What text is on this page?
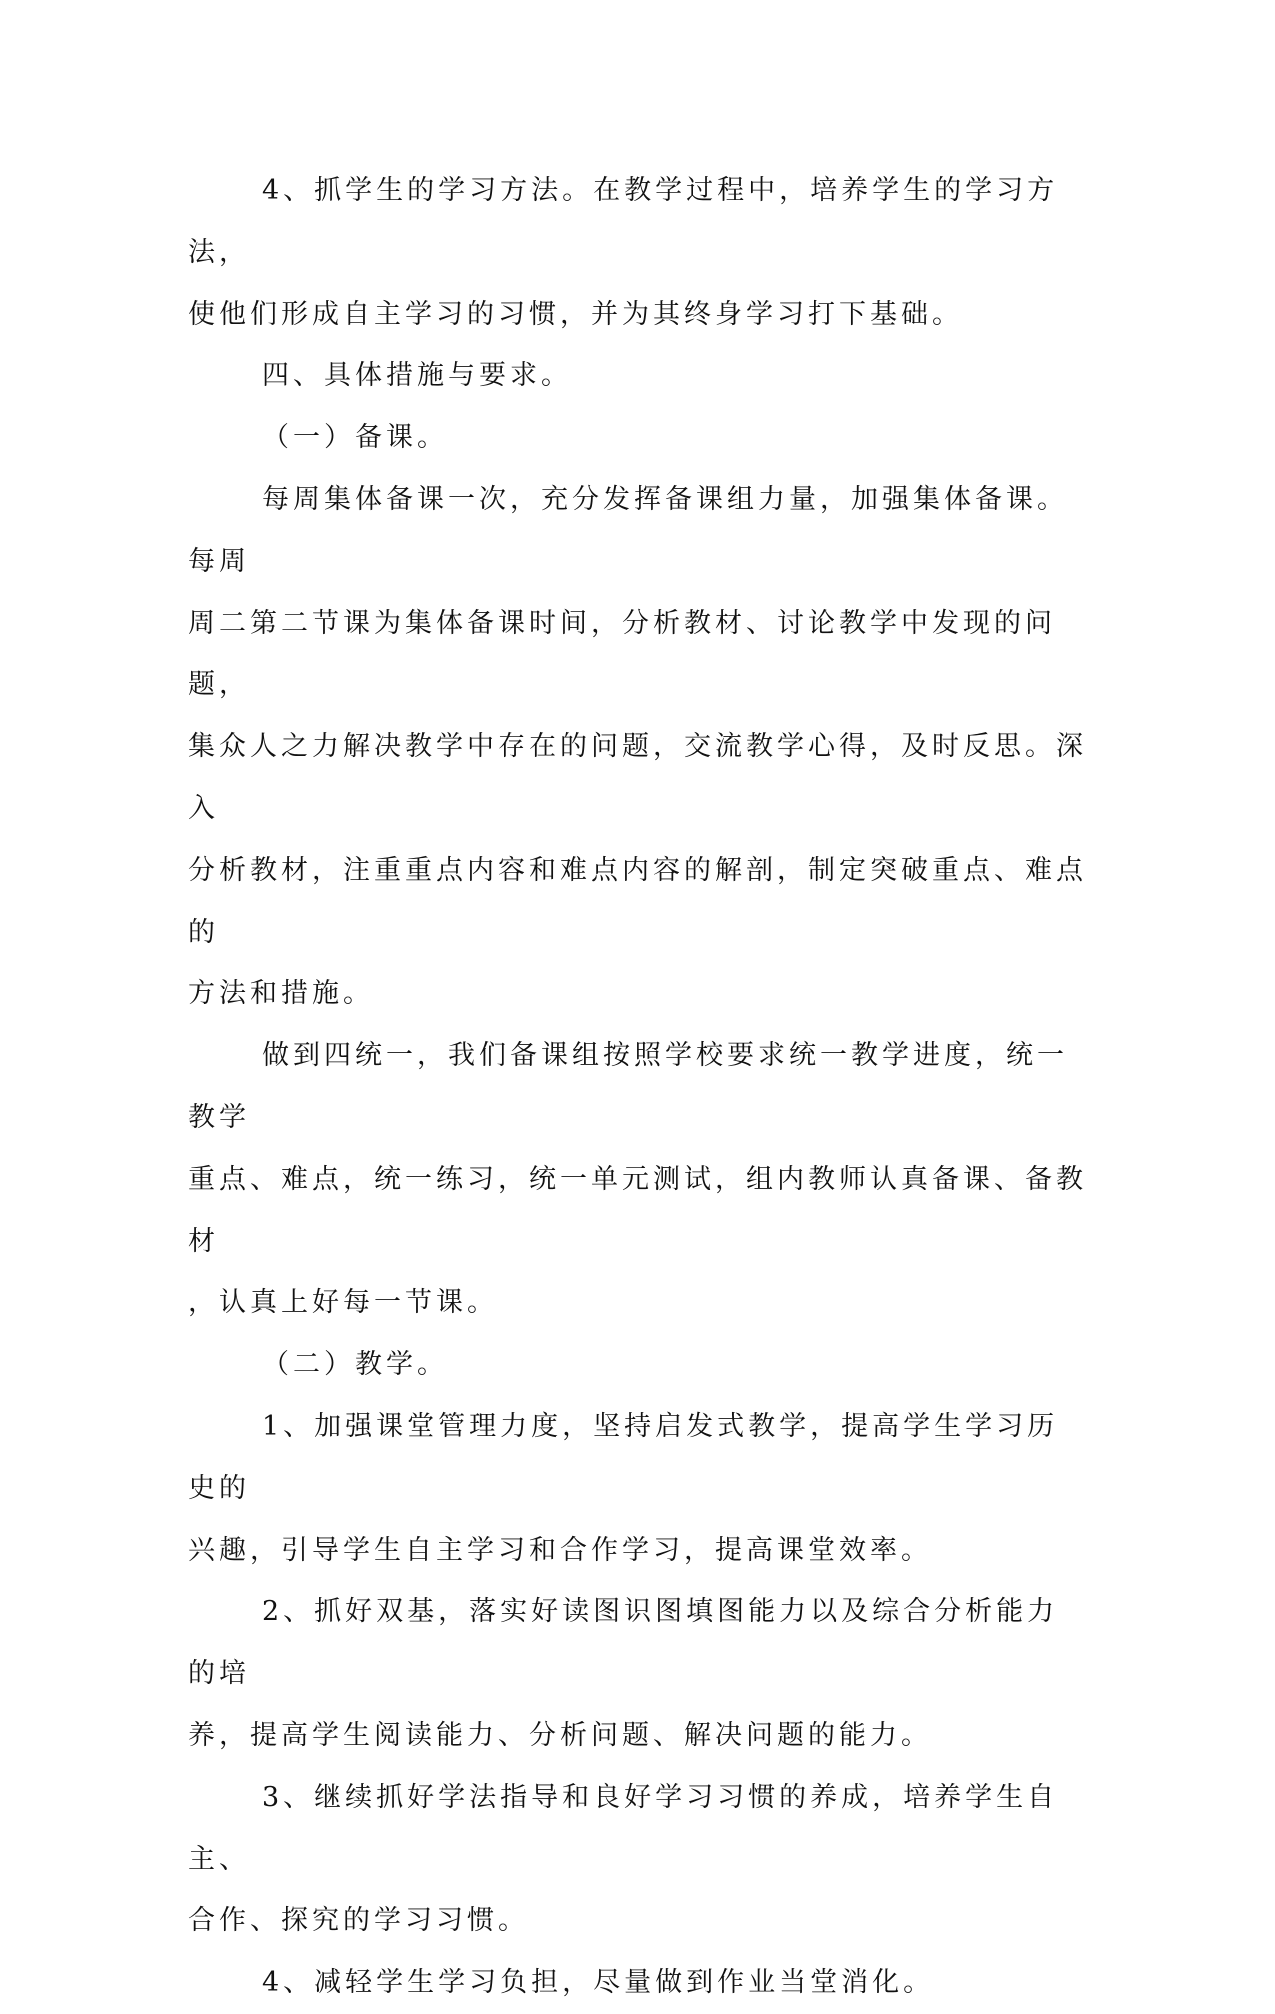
4、抓学生的学习方法。在教学过程中，培养学生的学习方法，
使他们形成自主学习的习惯，并为其终身学习打下基础。

四、具体措施与要求。

（一）备课。

每周集体备课一次，充分发挥备课组力量，加强集体备课。每周
周二第二节课为集体备课时间，分析教材、讨论教学中发现的问题，
集众人之力解决教学中存在的问题，交流教学心得，及时反思。深入
分析教材，注重重点内容和难点内容的解剖，制定突破重点、难点的
方法和措施。

做到四统一，我们备课组按照学校要求统一教学进度，统一教学
重点、难点，统一练习，统一单元测试，组内教师认真备课、备教材
，认真上好每一节课。

（二）教学。

1、加强课堂管理力度，坚持启发式教学，提高学生学习历史的
兴趣，引导学生自主学习和合作学习，提高课堂效率。

2、抓好双基，落实好读图识图填图能力以及综合分析能力的培
养，提高学生阅读能力、分析问题、解决问题的能力。

3、继续抓好学法指导和良好学习习惯的养成，培养学生自主、
合作、探究的学习习惯。

4、减轻学生学习负担，尽量做到作业当堂消化。
